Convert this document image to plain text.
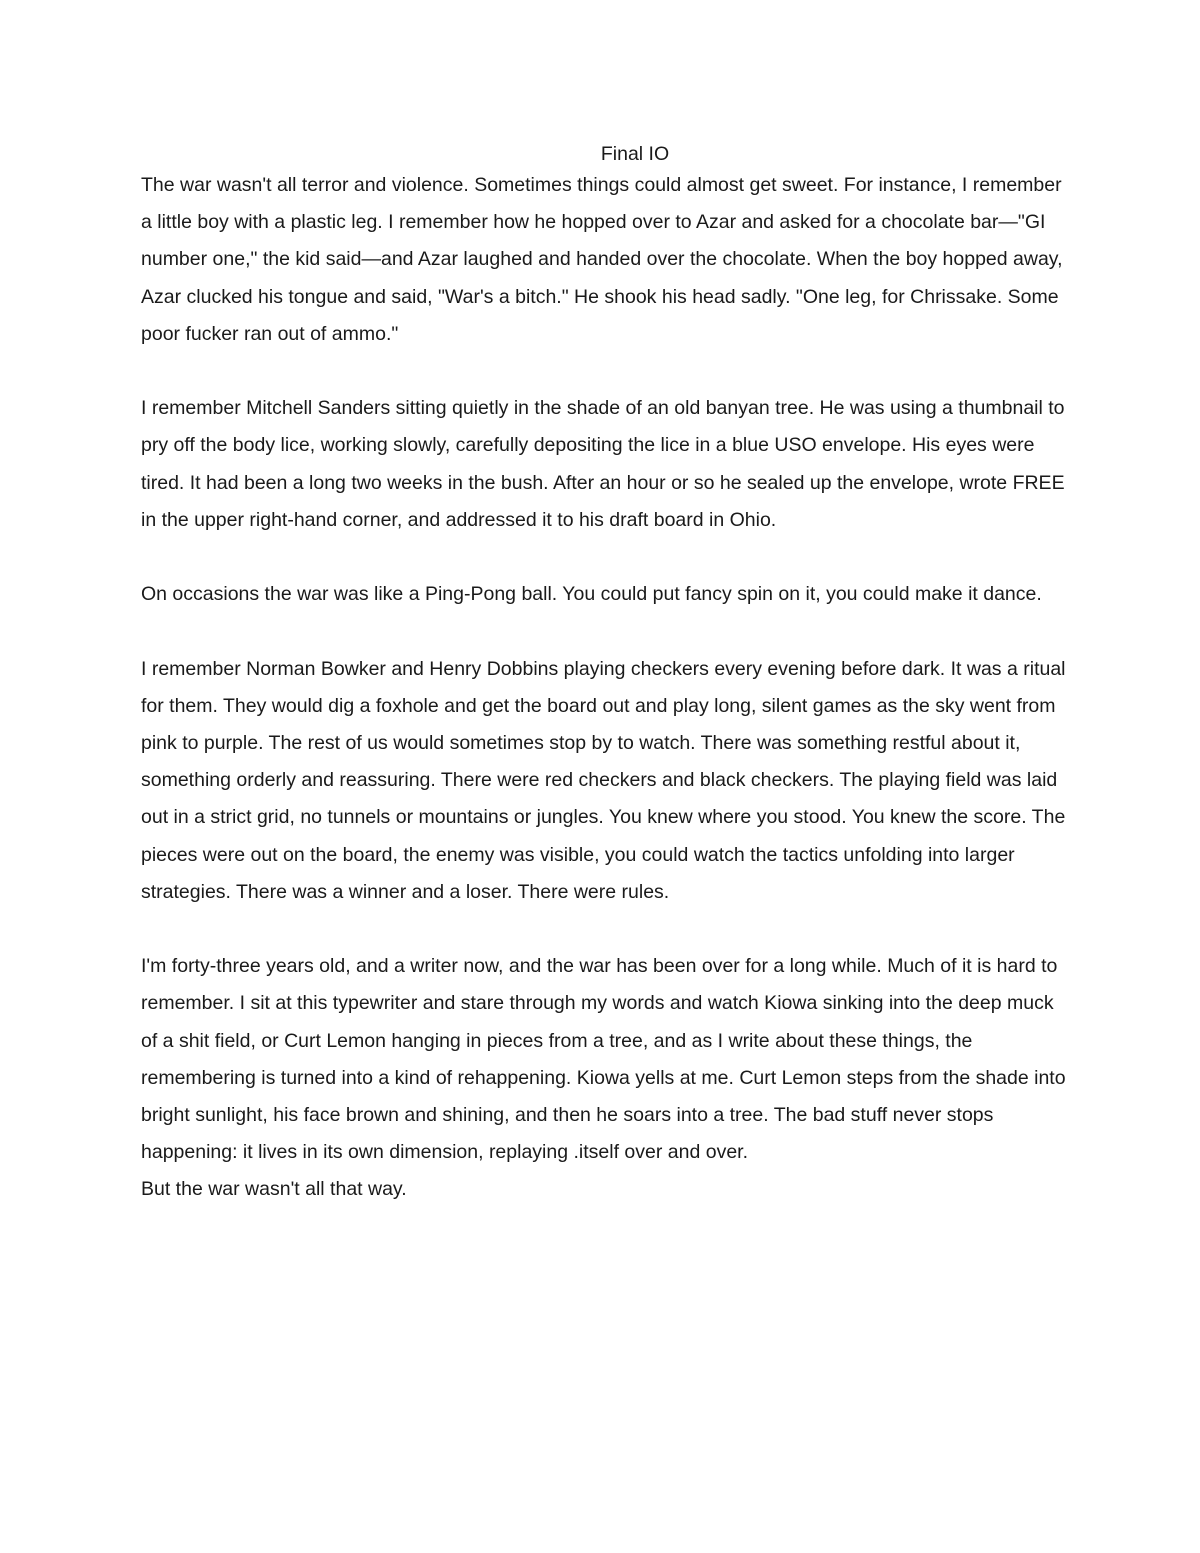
Final IO

The war wasn't all terror and violence. Sometimes things could almost get sweet. For instance, I remember a little boy with a plastic leg. I remember how he hopped over to Azar and asked for a chocolate bar—"GI number one," the kid said—and Azar laughed and handed over the chocolate. When the boy hopped away, Azar clucked his tongue and said, "War's a bitch." He shook his head sadly. "One leg, for Chrissake. Some poor fucker ran out of ammo."

I remember Mitchell Sanders sitting quietly in the shade of an old banyan tree. He was using a thumbnail to pry off the body lice, working slowly, carefully depositing the lice in a blue USO envelope. His eyes were tired. It had been a long two weeks in the bush. After an hour or so he sealed up the envelope, wrote FREE in the upper right-hand corner, and addressed it to his draft board in Ohio.

On occasions the war was like a Ping-Pong ball. You could put fancy spin on it, you could make it dance.

I remember Norman Bowker and Henry Dobbins playing checkers every evening before dark. It was a ritual for them. They would dig a foxhole and get the board out and play long, silent games as the sky went from pink to purple. The rest of us would sometimes stop by to watch. There was something restful about it, something orderly and reassuring. There were red checkers and black checkers. The playing field was laid out in a strict grid, no tunnels or mountains or jungles. You knew where you stood. You knew the score. The pieces were out on the board, the enemy was visible, you could watch the tactics unfolding into larger strategies. There was a winner and a loser. There were rules.

I'm forty-three years old, and a writer now, and the war has been over for a long while. Much of it is hard to remember. I sit at this typewriter and stare through my words and watch Kiowa sinking into the deep muck of a shit field, or Curt Lemon hanging in pieces from a tree, and as I write about these things, the remembering is turned into a kind of rehappening. Kiowa yells at me. Curt Lemon steps from the shade into bright sunlight, his face brown and shining, and then he soars into a tree. The bad stuff never stops happening: it lives in its own dimension, replaying .itself over and over.

But the war wasn't all that way.
